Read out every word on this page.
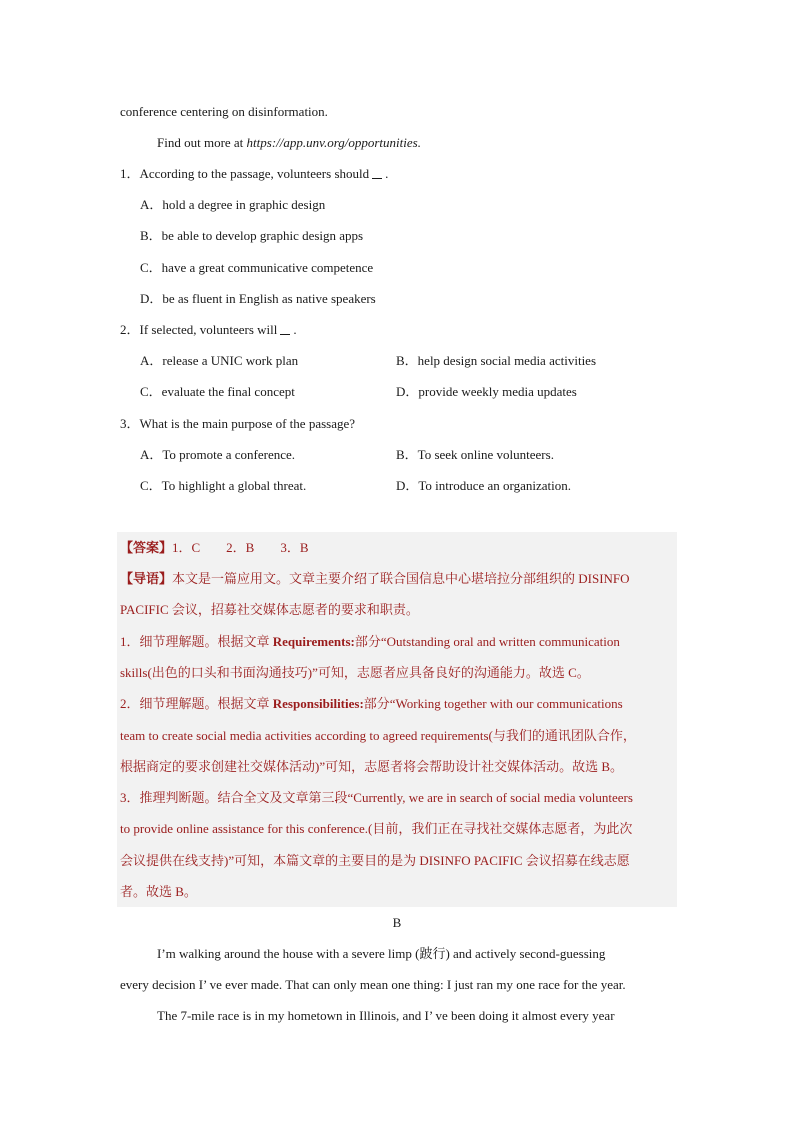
conference centering on disinformation.
Find out more at https://app.unv.org/opportunities.
1．According to the passage, volunteers should .
A．hold a degree in graphic design
B．be able to develop graphic design apps
C．have a great communicative competence
D．be as fluent in English as native speakers
2．If selected, volunteers will .
A．release a UNIC work plan	B．help design social media activities
C．evaluate the final concept	D．provide weekly media updates
3．What is the main purpose of the passage?
A．To promote a conference.	B．To seek online volunteers.
C．To highlight a global threat.	D．To introduce an organization.
【答案】1．C　　2．B　　3．B
【导语】本文是一篇应用文。文章主要介绍了联合国信息中心堪培拉分部组织的 DISINFO
PACIFIC 会议，招募社交媒体志愿者的要求和职责。
1．细节理解题。根据文章 Requirements:部分“Outstanding oral and written communication
skills(出色的口头和书面沟通技巧)”可知，志愿者应具备良好的沟通能力。故选 C。
2．细节理解题。根据文章 Responsibilities:部分“Working together with our communications
team to create social media activities according to agreed requirements(与我们的通讯团队合作，
根据商定的要求创建社交媒体活动)”可知，志愿者将会帮助设计社交媒体活动。故选 B。
3．推理判断题。结合全文及文章第三段“Currently, we are in search of social media volunteers
to provide online assistance for this conference.(目前，我们正在寻找社交媒体志愿者，为此次
会议提供在线支持)”可知，本篇文章的主要目的是为 DISINFO PACIFIC 会议招募在线志愿
者。故选 B。
B
I’m walking around the house with a severe limp (跛行) and actively second-guessing
every decision I’ ve ever made. That can only mean one thing: I just ran my one race for the year.
The 7-mile race is in my hometown in Illinois, and I’ ve been doing it almost every year
